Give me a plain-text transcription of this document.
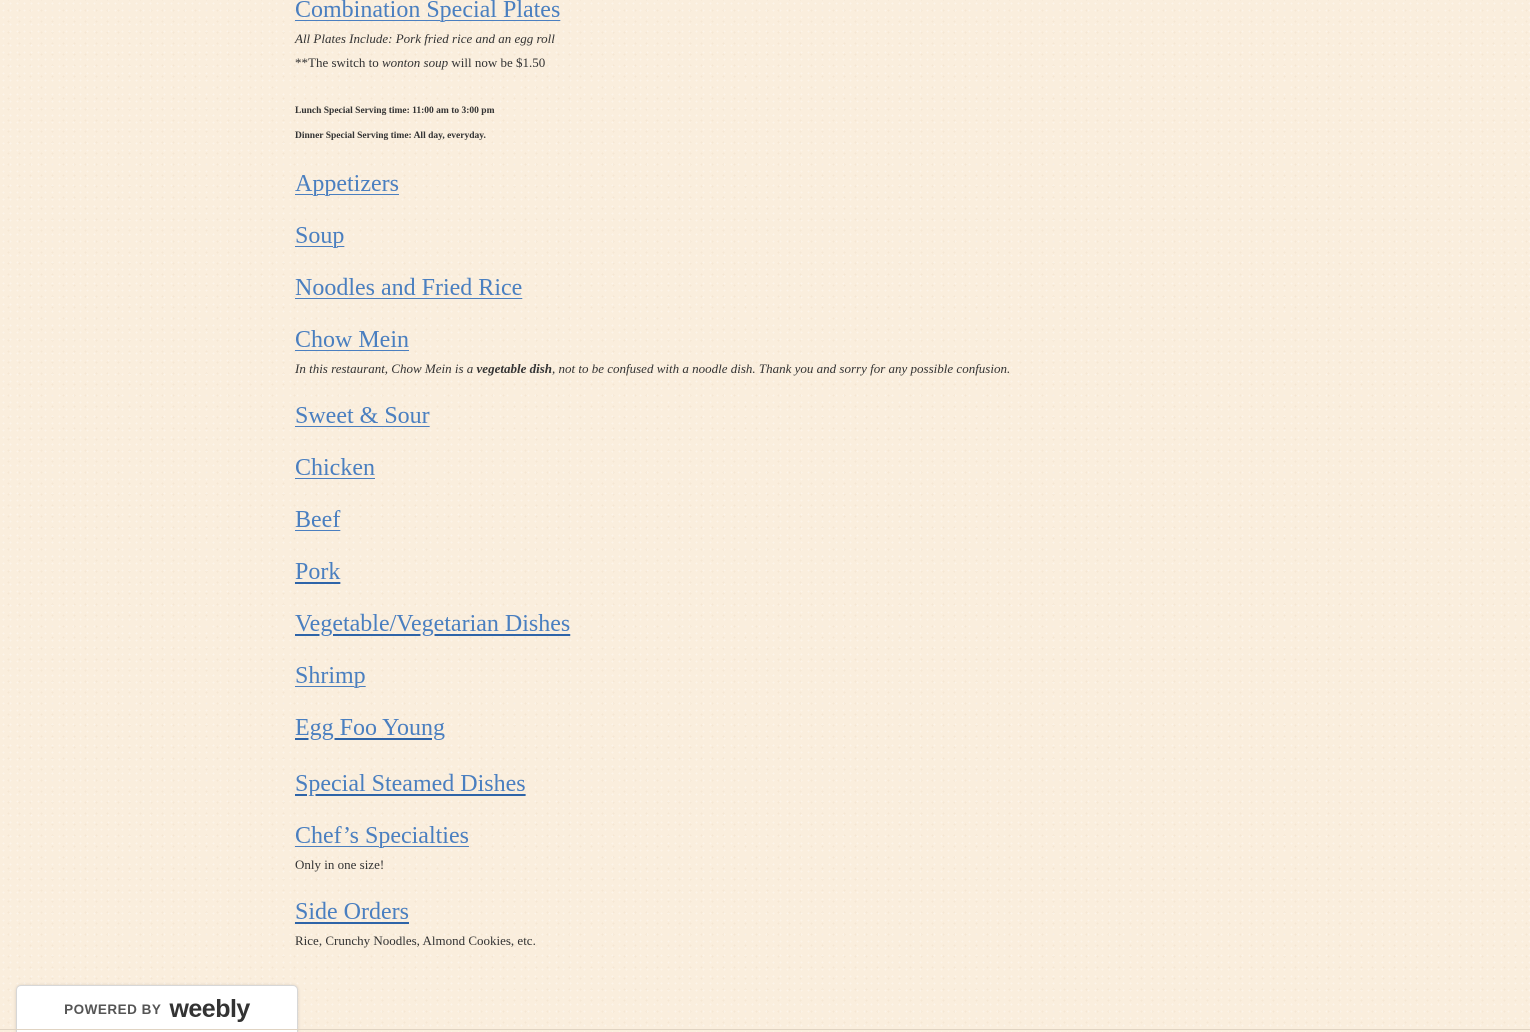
Combination Special Plates
All Plates Include: Pork fried rice and an egg roll
**The switch to wonton soup will now be $1.50
Lunch Special Serving time: 11:00 am to 3:00 pm
Dinner Special Serving time: All day, everyday.
Appetizers
Soup
Noodles and Fried Rice
Chow Mein
In this restaurant, Chow Mein is a vegetable dish, not to be confused with a noodle dish. Thank you and sorry for any possible confusion.
Sweet & Sour
Chicken
Beef
Pork
Vegetable/Vegetarian Dishes
Shrimp
Egg Foo Young
Special Steamed Dishes
Chef’s Specialties
Only in one size!
Side Orders
Rice, Crunchy Noodles, Almond Cookies, etc.
POWERED BY weebly
